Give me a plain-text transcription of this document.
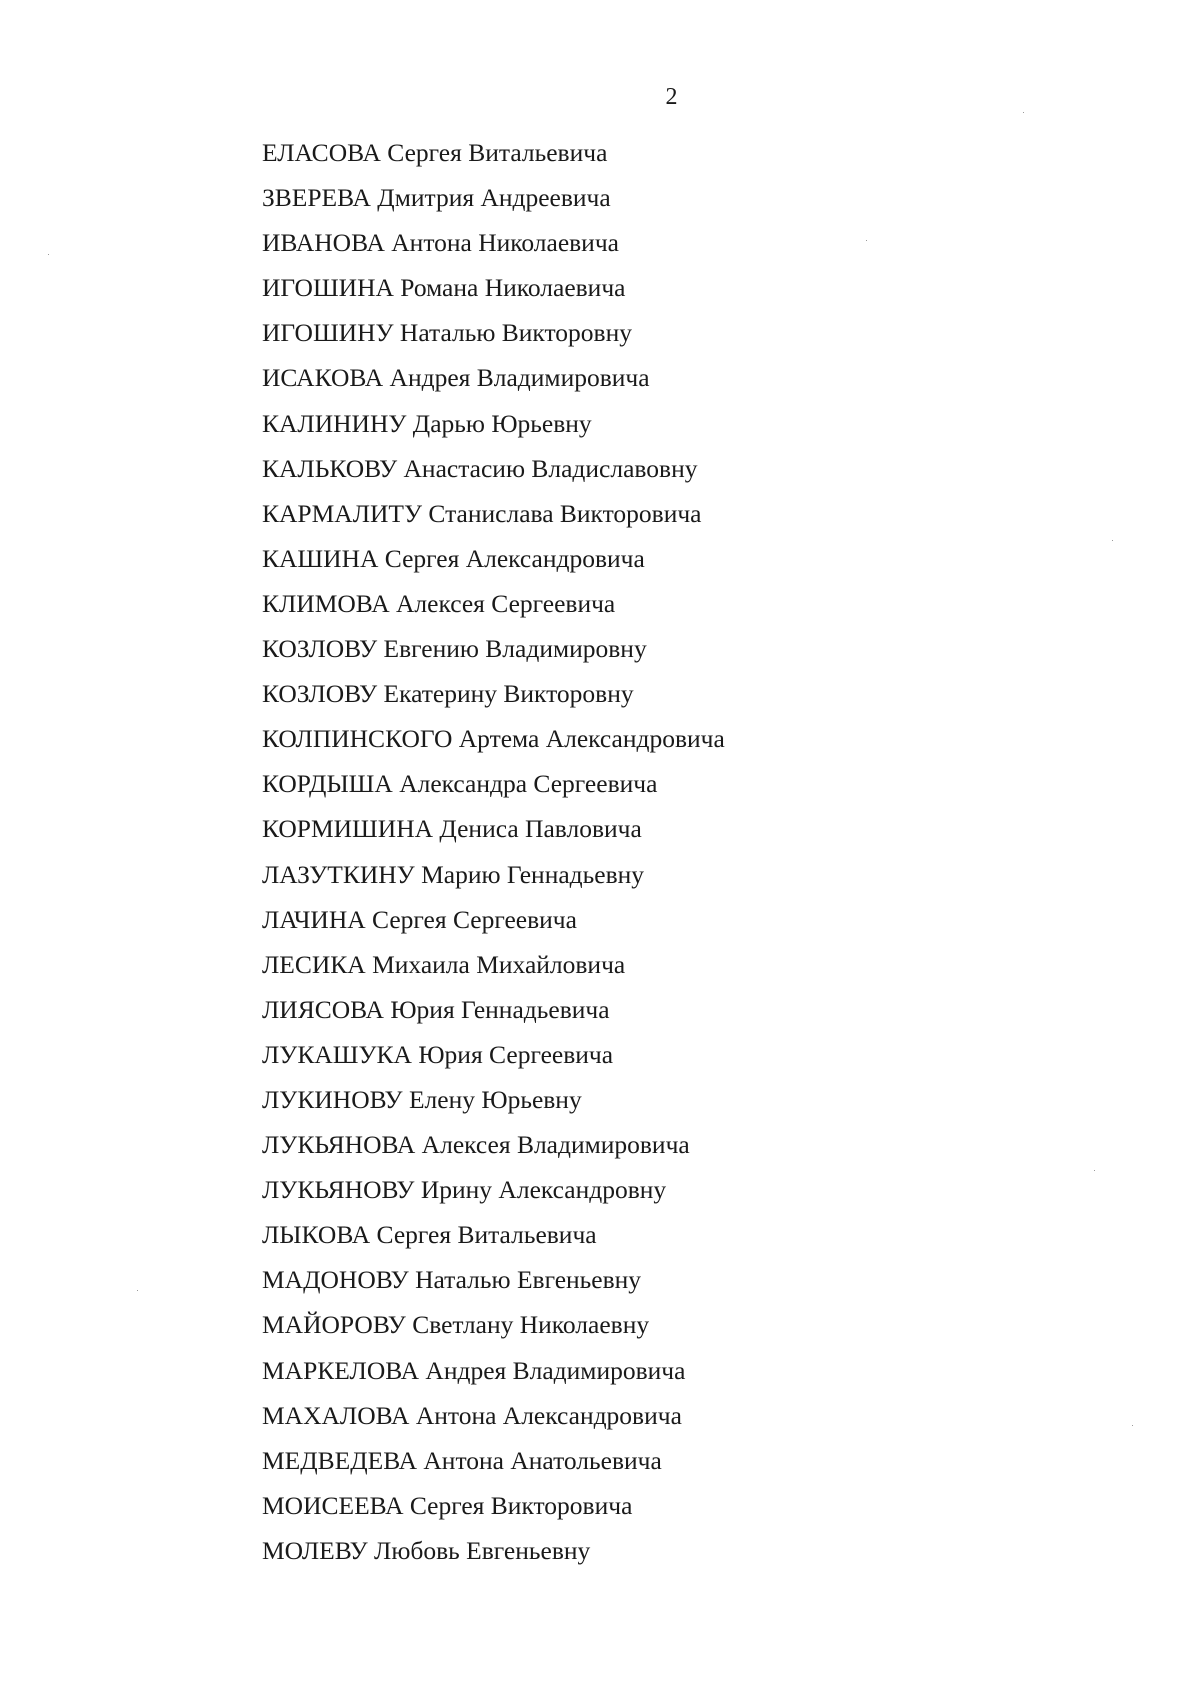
2
ЕЛАСОВА Сергея Витальевича
ЗВЕРЕВА Дмитрия Андреевича
ИВАНОВА Антона Николаевича
ИГОШИНА Романа Николаевича
ИГОШИНУ Наталью Викторовну
ИСАКОВА Андрея Владимировича
КАЛИНИНУ Дарью Юрьевну
КАЛЬКОВУ Анастасию Владиславовну
КАРМАЛИТУ Станислава Викторовича
КАШИНА Сергея Александровича
КЛИМОВА Алексея Сергеевича
КОЗЛОВУ Евгению Владимировну
КОЗЛОВУ Екатерину Викторовну
КОЛПИНСКОГО Артема Александровича
КОРДЫША Александра Сергеевича
КОРМИШИНА Дениса Павловича
ЛАЗУТКИНУ Марию Геннадьевну
ЛАЧИНА Сергея Сергеевича
ЛЕСИКА Михаила Михайловича
ЛИЯСОВА Юрия Геннадьевича
ЛУКАШУКА Юрия Сергеевича
ЛУКИНОВУ Елену Юрьевну
ЛУКЬЯНОВА Алексея Владимировича
ЛУКЬЯНОВУ Ирину Александровну
ЛЫКОВА Сергея Витальевича
МАДОНОВУ Наталью Евгеньевну
МАЙОРОВУ Светлану Николаевну
МАРКЕЛОВА Андрея Владимировича
МАХАЛОВА Антона Александровича
МЕДВЕДЕВА Антона Анатольевича
МОИСЕЕВА Сергея Викторовича
МОЛЕВУ Любовь Евгеньевну
